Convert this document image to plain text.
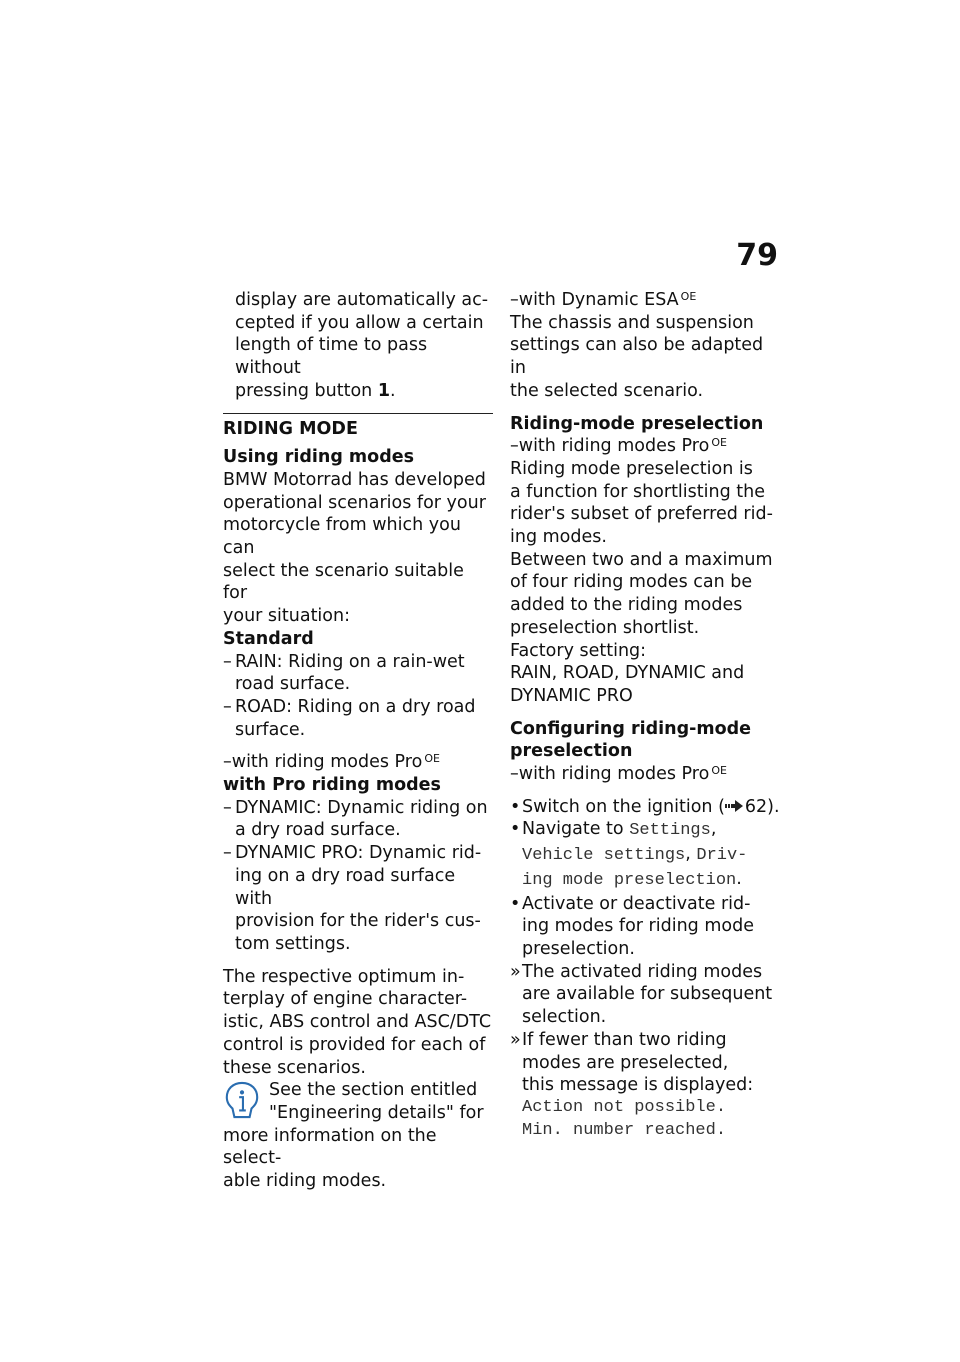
79
display are automatically ac-
cepted if you allow a certain
length of time to pass without
pressing button 1.
RIDING MODE
Using riding modes
BMW Motorrad has developed
operational scenarios for your
motorcycle from which you can
select the scenario suitable for
your situation:
Standard
– RAIN: Riding on a rain-wet
road surface.
– ROAD: Riding on a dry road
surface.
–with riding modes Pro $^{OE}$
with Pro riding modes
– DYNAMIC: Dynamic riding on
a dry road surface.
– DYNAMIC PRO: Dynamic rid-
ing on a dry road surface with
provision for the rider's cus-
tom settings.
The respective optimum in-
terplay of engine character-
istic, ABS control and ASC/DTC
control is provided for each of
these scenarios.
See the section entitled
"Engineering details" for
more information on the select-
able riding modes.
–with Dynamic ESA $^{OE}$
The chassis and suspension
settings can also be adapted in
the selected scenario.
Riding-mode preselection
–with riding modes Pro $^{OE}$
Riding mode preselection is
a function for shortlisting the
rider's subset of preferred rid-
ing modes.
Between two and a maximum
of four riding modes can be
added to the riding modes
preselection shortlist.
Factory setting:
RAIN, ROAD, DYNAMIC and
DYNAMIC PRO
Configuring riding-mode
preselection
–with riding modes Pro $^{OE}$
• Switch on the ignition ( 62).
• Navigate to Settings,
Vehicle settings, Driv-
ing mode preselection.
• Activate or deactivate rid-
ing modes for riding mode
preselection.
» The activated riding modes
are available for subsequent
selection.
» If fewer than two riding
modes are preselected,
this message is displayed:
Action not possible.
Min. number reached.
